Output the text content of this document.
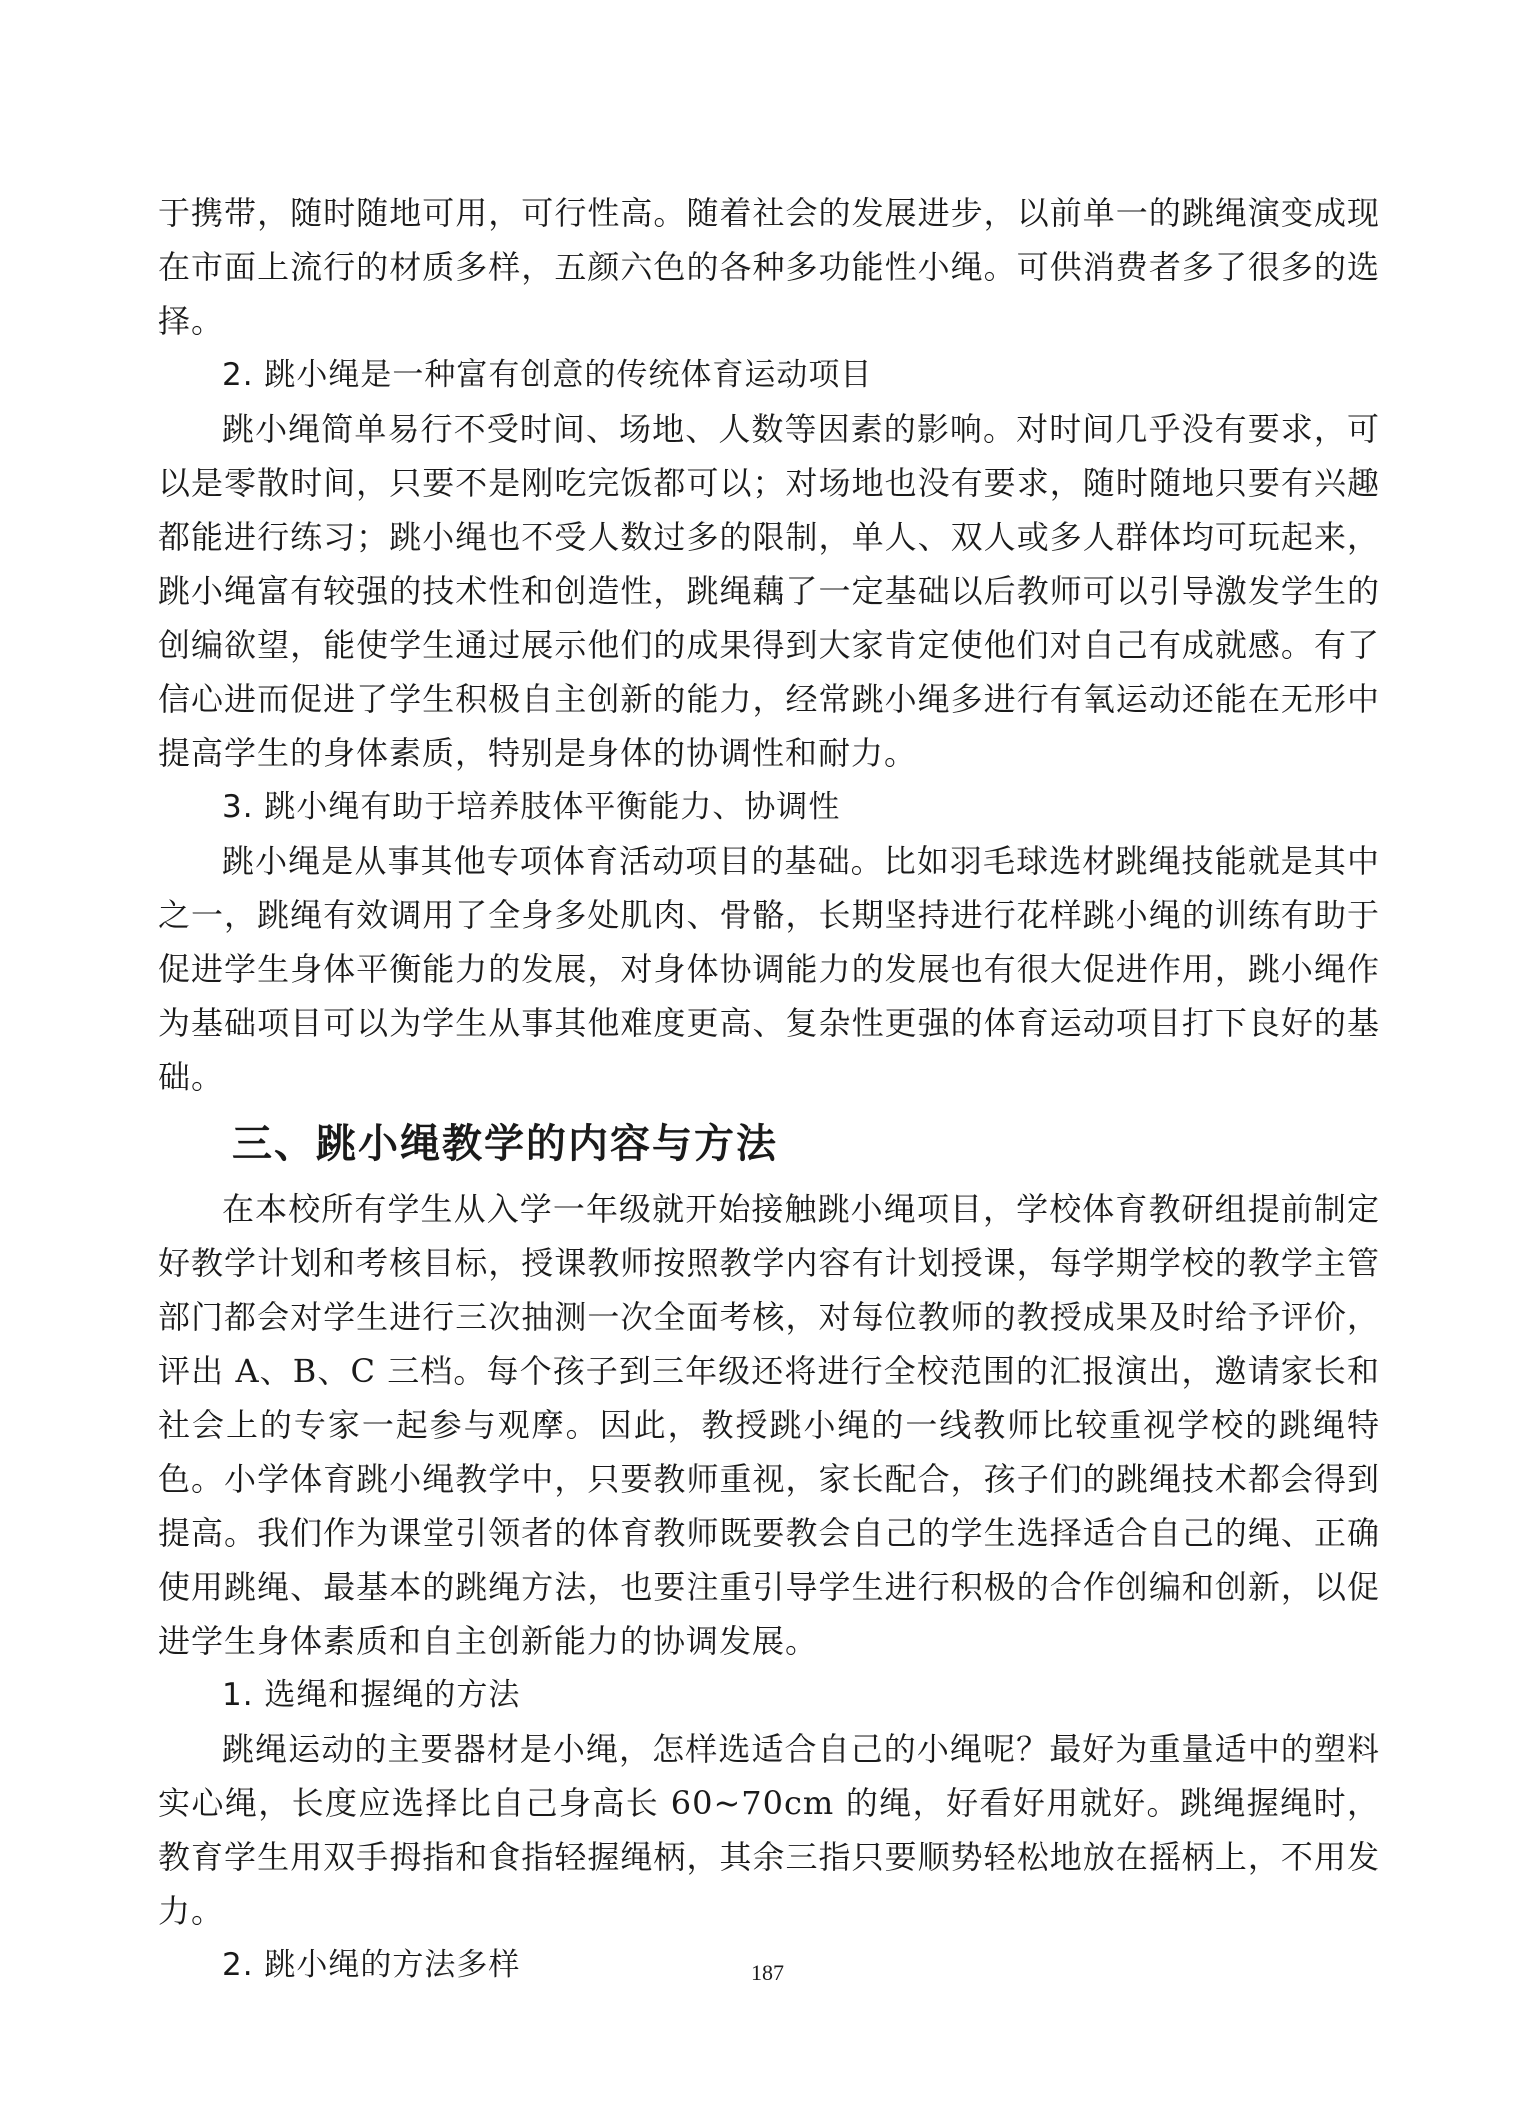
于携带，随时随地可用，可行性高。随着社会的发展进步，以前单一的跳绳演变成现在市面上流行的材质多样，五颜六色的各种多功能性小绳。可供消费者多了很多的选择。

2. 跳小绳是一种富有创意的传统体育运动项目

跳小绳简单易行不受时间、场地、人数等因素的影响。对时间几乎没有要求，可以是零散时间，只要不是刚吃完饭都可以；对场地也没有要求，随时随地只要有兴趣都能进行练习；跳小绳也不受人数过多的限制，单人、双人或多人群体均可玩起来，跳小绳富有较强的技术性和创造性，跳绳藕了一定基础以后教师可以引导激发学生的创编欲望，能使学生通过展示他们的成果得到大家肯定使他们对自己有成就感。有了信心进而促进了学生积极自主创新的能力，经常跳小绳多进行有氧运动还能在无形中提高学生的身体素质，特别是身体的协调性和耐力。

3. 跳小绳有助于培养肢体平衡能力、协调性

跳小绳是从事其他专项体育活动项目的基础。比如羽毛球选材跳绳技能就是其中之一，跳绳有效调用了全身多处肌肉、骨骼，长期坚持进行花样跳小绳的训练有助于促进学生身体平衡能力的发展，对身体协调能力的发展也有很大促进作用，跳小绳作为基础项目可以为学生从事其他难度更高、复杂性更强的体育运动项目打下良好的基础。

三、跳小绳教学的内容与方法

在本校所有学生从入学一年级就开始接触跳小绳项目，学校体育教研组提前制定好教学计划和考核目标，授课教师按照教学内容有计划授课，每学期学校的教学主管部门都会对学生进行三次抽测一次全面考核，对每位教师的教授成果及时给予评价，评出 A、B、C 三档。每个孩子到三年级还将进行全校范围的汇报演出，邀请家长和社会上的专家一起参与观摩。因此，教授跳小绳的一线教师比较重视学校的跳绳特色。小学体育跳小绳教学中，只要教师重视，家长配合，孩子们的跳绳技术都会得到提高。我们作为课堂引领者的体育教师既要教会自己的学生选择适合自己的绳、正确使用跳绳、最基本的跳绳方法，也要注重引导学生进行积极的合作创编和创新，以促进学生身体素质和自主创新能力的协调发展。

1. 选绳和握绳的方法

跳绳运动的主要器材是小绳，怎样选适合自己的小绳呢？最好为重量适中的塑料实心绳，长度应选择比自己身高长 60~70cm 的绳，好看好用就好。跳绳握绳时，教育学生用双手拇指和食指轻握绳柄，其余三指只要顺势轻松地放在摇柄上，不用发力。

2. 跳小绳的方法多样	187
